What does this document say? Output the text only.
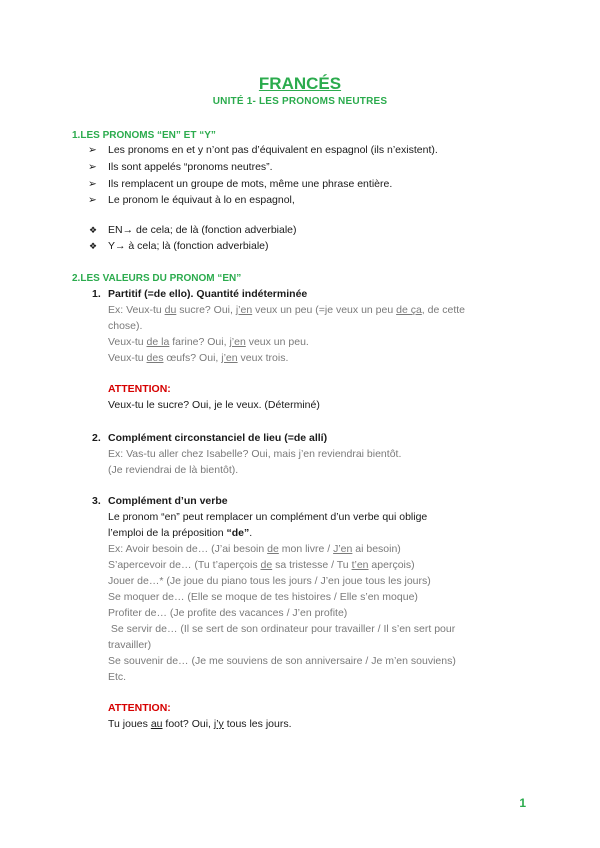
FRANCÉS
UNITÉ 1- LES PRONOMS NEUTRES
1.LES PRONOMS “EN” ET “Y”
➢ Les pronoms en et y n’ont pas d’équivalent en espagnol (ils n’existent).
➢ Ils sont appelés “pronoms neutres”.
➢ Ils remplacent un groupe de mots, même une phrase entière.
➢ Le pronom le équivaut à lo en espagnol,
❖ EN→ de cela; de là (fonction adverbiale)
❖ Y→ à cela; là (fonction adverbiale)
2.LES VALEURS DU PRONOM “EN”
1. Partitif (=de ello). Quantité indéterminée
Ex: Veux-tu du sucre? Oui, j’en veux un peu (=je veux un peu de ça, de cette
chose).
Veux-tu de la farine? Oui, j’en veux un peu.
Veux-tu des œufs? Oui, j’en veux trois.
ATTENTION:
Veux-tu le sucre? Oui, je le veux. (Déterminé)
2. Complément circonstanciel de lieu (=de allí)
Ex: Vas-tu aller chez Isabelle? Oui, mais j’en reviendrai bientôt.
(Je reviendrai de là bientôt).
3. Complément d’un verbe
Le pronom “en” peut remplacer un complément d’un verbe qui oblige
l’emploi de la préposition “de”.
Ex: Avoir besoin de… (J’ai besoin de mon livre / J’en ai besoin)
S’apercevoir de… (Tu t’aperçois de sa tristesse / Tu t’en aperçois)
Jouer de…* (Je joue du piano tous les jours / J’en joue tous les jours)
Se moquer de… (Elle se moque de tes histoires / Elle s’en moque)
Profiter de… (Je profite des vacances / J’en profite)
Se servir de… (Il se sert de son ordinateur pour travailler / Il s’en sert pour
travailler)
Se souvenir de… (Je me souviens de son anniversaire / Je m’en souviens)
Etc.
ATTENTION:
Tu joues au foot? Oui, j’y tous les jours.
1
